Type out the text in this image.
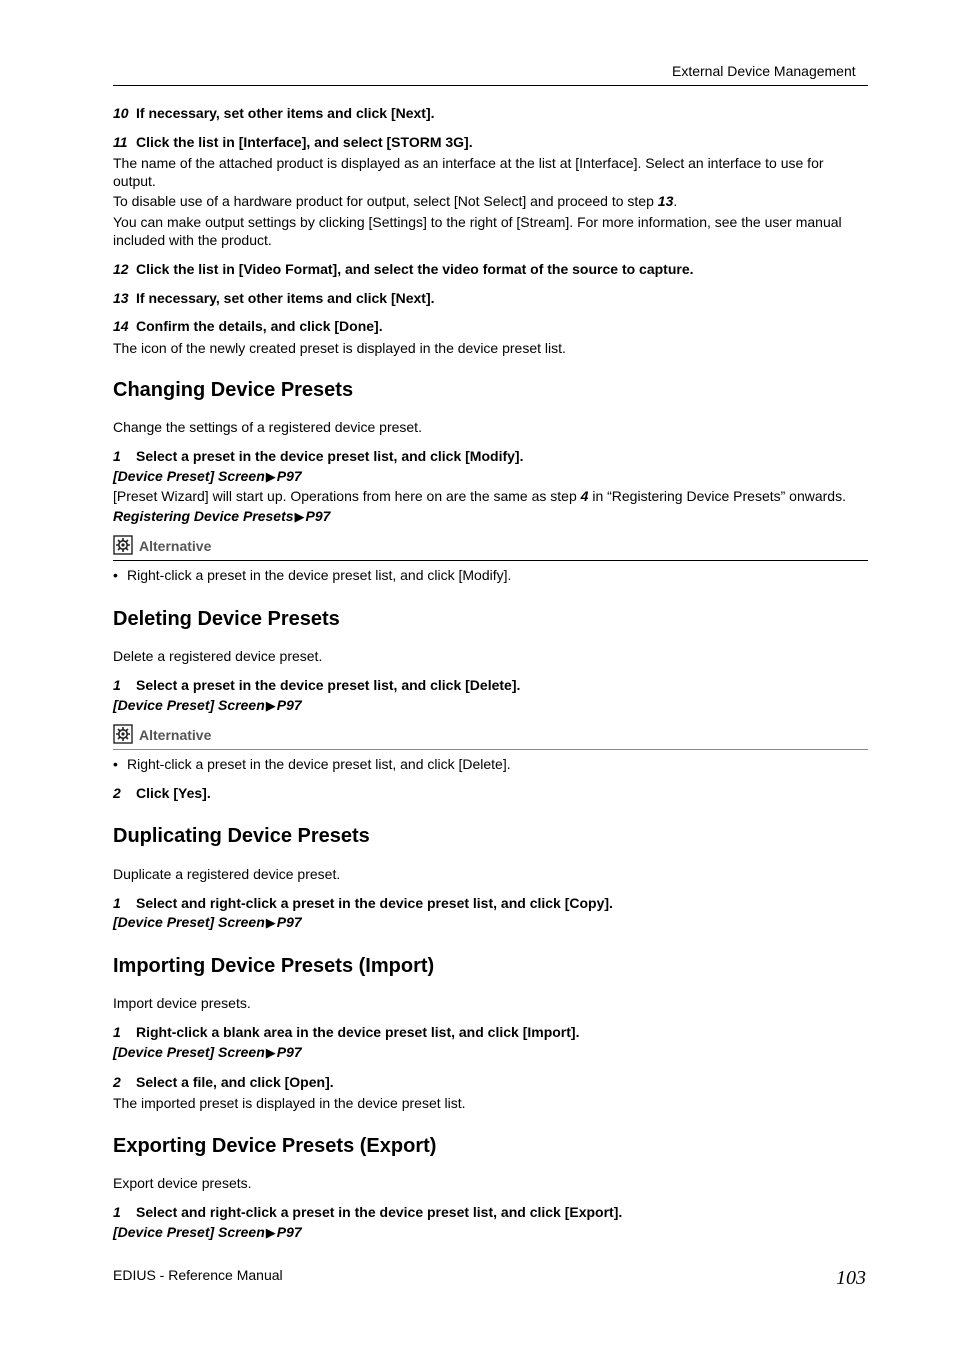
External Device Management
10 If necessary, set other items and click [Next].
11 Click the list in [Interface], and select [STORM 3G].
The name of the attached product is displayed as an interface at the list at [Interface]. Select an interface to use for output.
To disable use of a hardware product for output, select [Not Select] and proceed to step 13.
You can make output settings by clicking [Settings] to the right of [Stream]. For more information, see the user manual included with the product.
12 Click the list in [Video Format], and select the video format of the source to capture.
13 If necessary, set other items and click [Next].
14 Confirm the details, and click [Done].
The icon of the newly created preset is displayed in the device preset list.
Changing Device Presets
Change the settings of a registered device preset.
1 Select a preset in the device preset list, and click [Modify].
[Device Preset] Screen▶P97
[Preset Wizard] will start up. Operations from here on are the same as step 4 in “Registering Device Presets” onwards.
Registering Device Presets▶P97
Alternative
• Right-click a preset in the device preset list, and click [Modify].
Deleting Device Presets
Delete a registered device preset.
1 Select a preset in the device preset list, and click [Delete].
[Device Preset] Screen▶P97
Alternative
• Right-click a preset in the device preset list, and click [Delete].
2 Click [Yes].
Duplicating Device Presets
Duplicate a registered device preset.
1 Select and right-click a preset in the device preset list, and click [Copy].
[Device Preset] Screen▶P97
Importing Device Presets (Import)
Import device presets.
1 Right-click a blank area in the device preset list, and click [Import].
[Device Preset] Screen▶P97
2 Select a file, and click [Open].
The imported preset is displayed in the device preset list.
Exporting Device Presets (Export)
Export device presets.
1 Select and right-click a preset in the device preset list, and click [Export].
[Device Preset] Screen▶P97
EDIUS - Reference Manual	103
